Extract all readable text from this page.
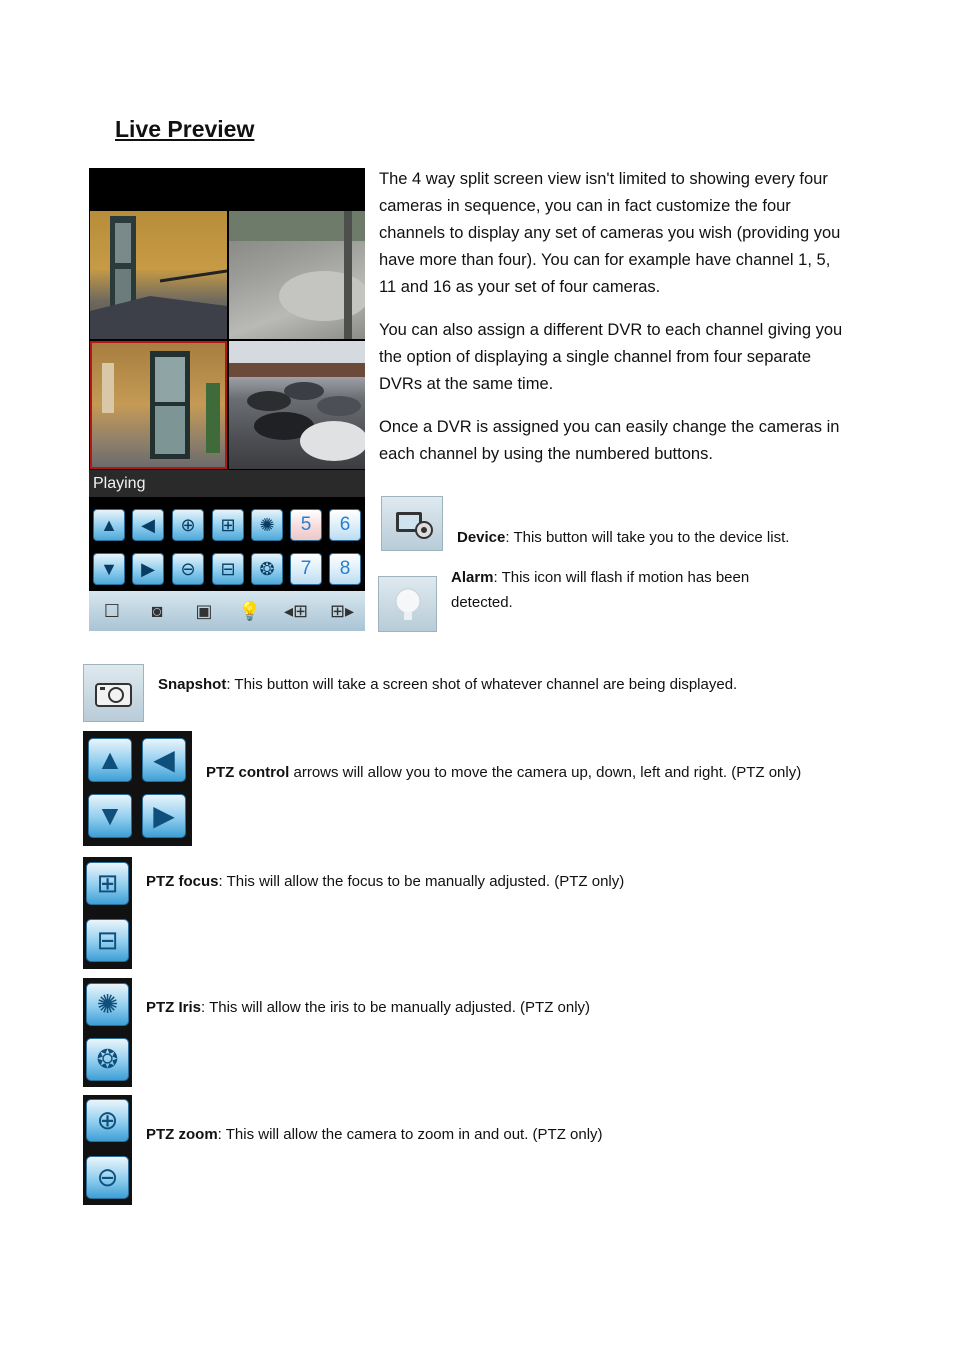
Live Preview
Playing
▲	◀	⊕	⊞	✺	5	6
▼	▶	⊖	⊟	❂	7	8
☐	◙	▣	💡 ◂⊞ ⊞▸
The 4 way split screen view isn't limited to showing every four cameras in sequence, you can in fact customize the four channels to display any set of cameras you wish (providing you have more than four). You can for example have channel 1, 5, 11 and 16 as your set of four cameras.
You can also assign a different DVR to each channel giving you the option of displaying a single channel from four separate DVRs at the same time.
Once a DVR is assigned you can easily change the cameras in each channel by using the numbered buttons.
Device: This button will take you to the device list.
Alarm: This icon will flash if motion has been detected.
Snapshot: This button will take a screen shot of whatever channel are being displayed.
▲	◀
▼	▶
PTZ control arrows will allow you to move the camera up, down, left and right. (PTZ only)
⊞
⊟
PTZ focus: This will allow the focus to be manually adjusted. (PTZ only)
✺
❂
PTZ Iris: This will allow the iris to be manually adjusted. (PTZ only)
⊕
⊖
PTZ zoom: This will allow the camera to zoom in and out. (PTZ only)
